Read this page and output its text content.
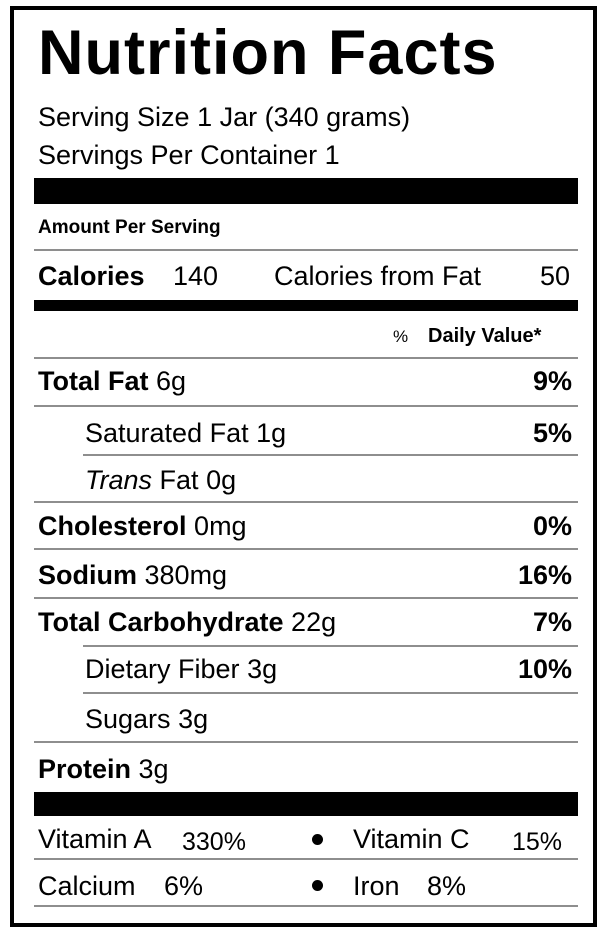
Nutrition Facts
Serving Size 1 Jar (340 grams)
Servings Per Container 1
Amount Per Serving
Calories 140 Calories from Fat 50
% Daily Value*
Total Fat 6g	9%
Saturated Fat 1g	5%
Trans Fat 0g
Cholesterol 0mg	0%
Sodium 380mg	16%
Total Carbohydrate 22g	7%
Dietary Fiber 3g	10%
Sugars 3g
Protein 3g
Vitamin A 330%	Vitamin C 15%
Calcium 6%	Iron 8%
